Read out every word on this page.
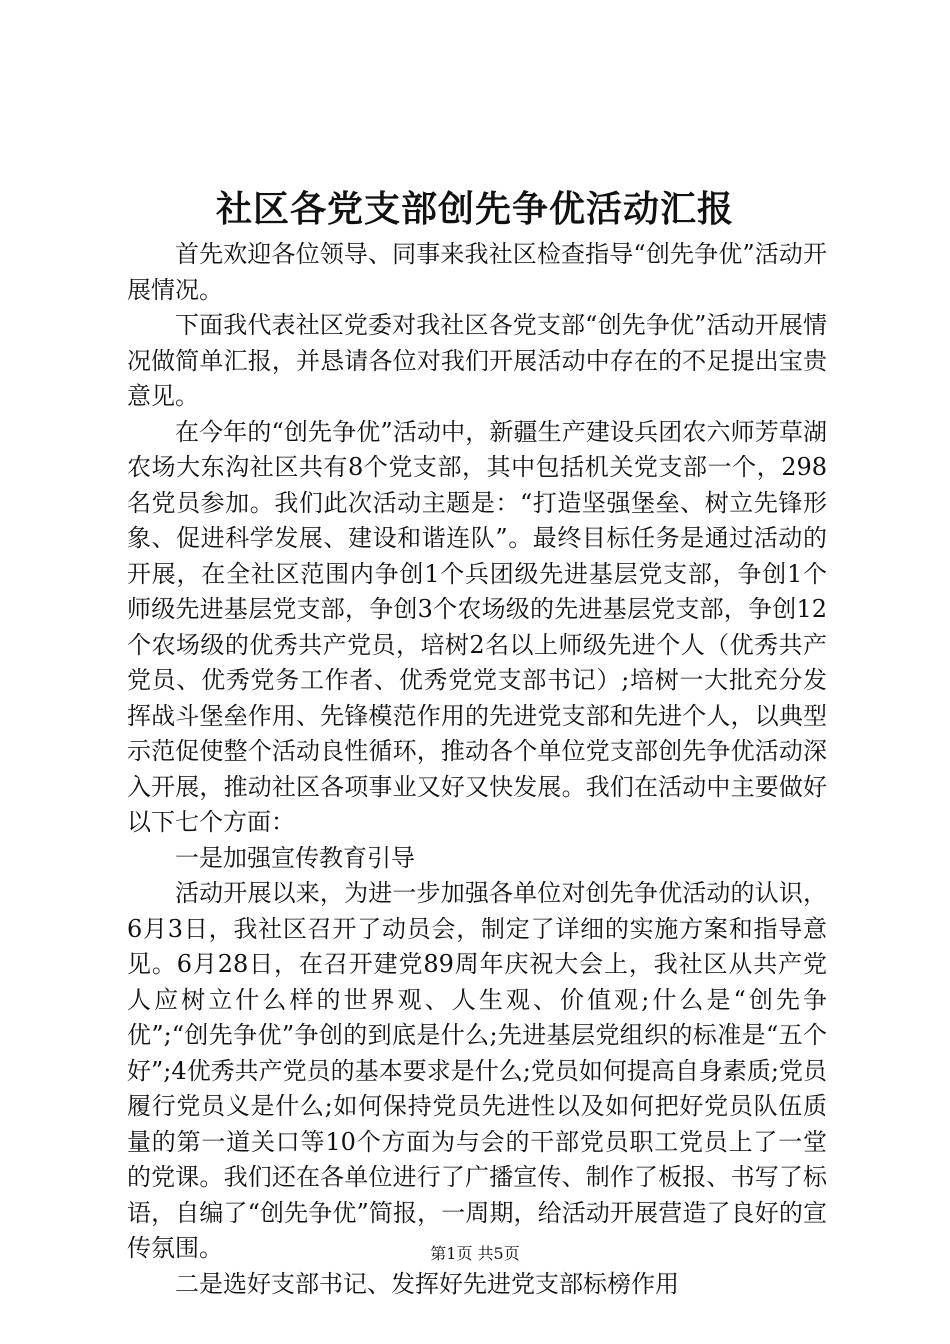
社区各党支部创先争优活动汇报

首先欢迎各位领导、同事来我社区检查指导“创先争优”活动开展情况。

下面我代表社区党委对我社区各党支部“创先争优”活动开展情况做简单汇报，并恳请各位对我们开展活动中存在的不足提出宝贵意见。

在今年的“创先争优”活动中，新疆生产建设兵团农六师芳草湖农场大东沟社区共有8个党支部，其中包括机关党支部一个，298名党员参加。我们此次活动主题是：“打造坚强堡垒、树立先锋形象、促进科学发展、建设和谐连队”。最终目标任务是通过活动的开展，在全社区范围内争创1个兵团级先进基层党支部，争创1个师级先进基层党支部，争创3个农场级的先进基层党支部，争创12个农场级的优秀共产党员，培树2名以上师级先进个人（优秀共产党员、优秀党务工作者、优秀党党支部书记）;培树一大批充分发挥战斗堡垒作用、先锋模范作用的先进党支部和先进个人，以典型示范促使整个活动良性循环，推动各个单位党支部创先争优活动深入开展，推动社区各项事业又好又快发展。我们在活动中主要做好以下七个方面：

一是加强宣传教育引导

活动开展以来，为进一步加强各单位对创先争优活动的认识，6月3日，我社区召开了动员会，制定了详细的实施方案和指导意见。6月28日，在召开建党89周年庆祝大会上，我社区从共产党人应树立什么样的世界观、人生观、价值观;什么是“创先争优”;“创先争优”争创的到底是什么;先进基层党组织的标准是“五个好”;4优秀共产党员的基本要求是什么;党员如何提高自身素质;党员履行党员义是什么;如何保持党员先进性以及如何把好党员队伍质量的第一道关口等10个方面为与会的干部党员职工党员上了一堂的党课。我们还在各单位进行了广播宣传、制作了板报、书写了标语，自编了“创先争优”简报，一周期，给活动开展营造了良好的宣传氛围。

二是选好支部书记、发挥好先进党支部标榜作用

第1页 共5页
